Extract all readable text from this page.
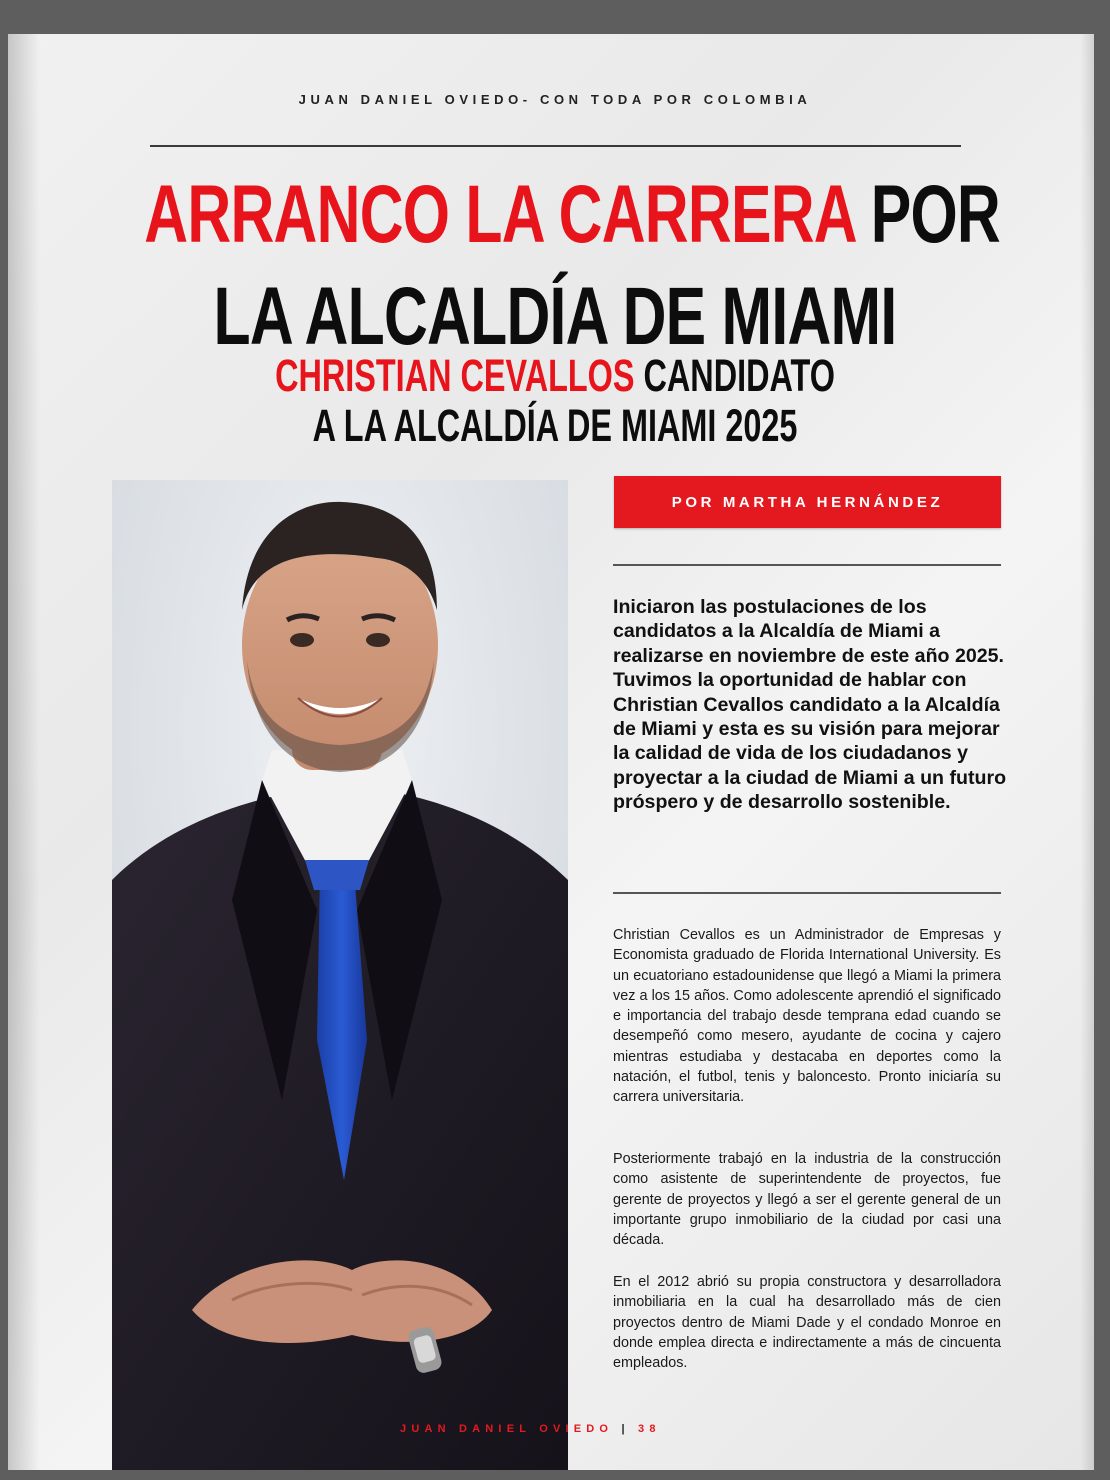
JUAN DANIEL OVIEDO- CON TODA POR COLOMBIA
ARRANCO LA CARRERA POR
LA ALCALDÍA DE MIAMI
CHRISTIAN CEVALLOS CANDIDATO
A LA ALCALDÍA DE MIAMI 2025
POR MARTHA HERNÁNDEZ
Iniciaron las postulaciones de los candidatos a la Alcaldía de Miami a realizarse en noviembre de este año 2025. Tuvimos la oportunidad de hablar con Christian Cevallos candidato a la Alcaldía de Miami y esta es su visión para mejorar la calidad de vida de los ciudadanos y proyectar a la ciudad de Miami a un futuro próspero y de desarrollo sostenible.
Christian Cevallos es un Administrador de Empresas y Economista graduado de Florida International University. Es un ecuatoriano estadounidense que llegó a Miami la primera vez a los 15 años. Como adolescente aprendió el significado e importancia del trabajo desde temprana edad cuando se desempeñó como mesero, ayudante de cocina y cajero mientras estudiaba y destacaba en deportes como la natación, el futbol, tenis y baloncesto. Pronto iniciaría su carrera universitaria.
Posteriormente trabajó en la industria de la construcción como asistente de superintendente de proyectos, fue gerente de proyectos y llegó a ser el gerente general de un importante grupo inmobiliario de la ciudad por casi una década.
En el 2012 abrió su propia constructora y desarrolladora inmobiliaria en la cual ha desarrollado más de cien proyectos dentro de Miami Dade y el condado Monroe en donde emplea directa e indirectamente a más de cincuenta empleados.
JUAN DANIEL OVIEDO | 38
